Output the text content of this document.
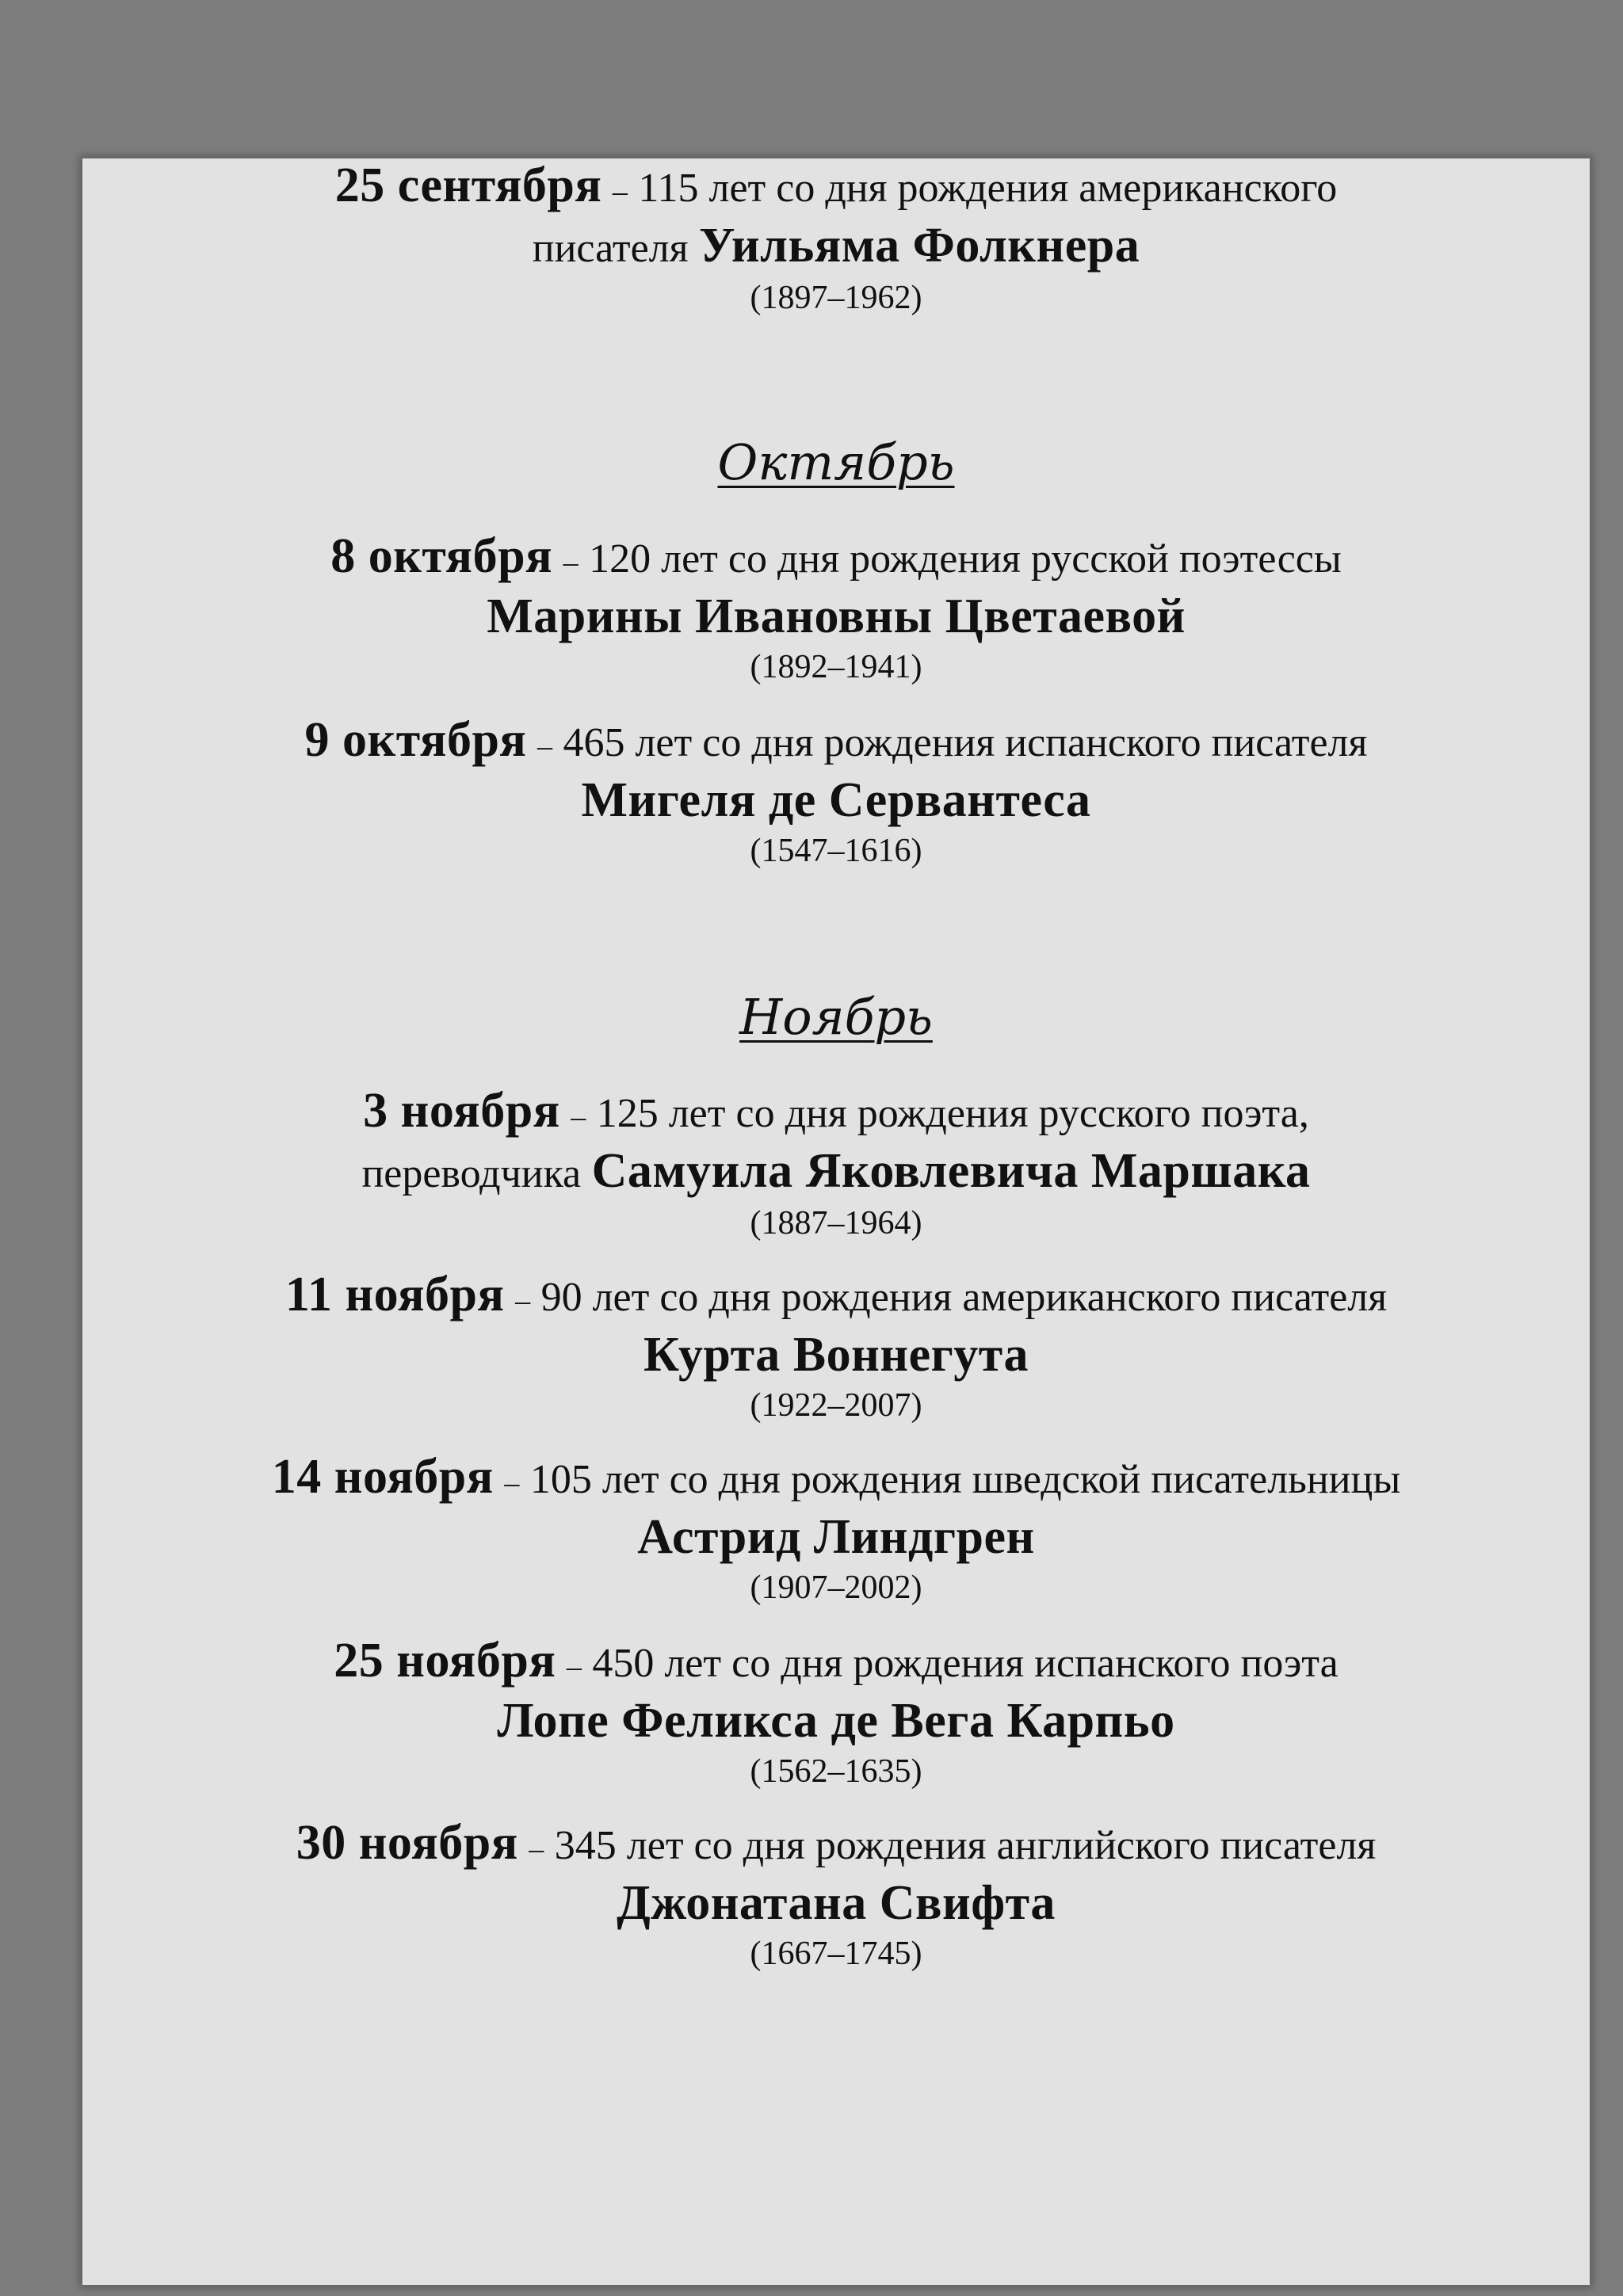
25 сентября – 115 лет со дня рождения американского
писателя Уильяма Фолкнера
(1897–1962)
Октябрь
8 октября – 120 лет со дня рождения русской поэтессы
Марины Ивановны Цветаевой
(1892–1941)
9 октября – 465 лет со дня рождения испанского писателя
Мигеля де Сервантеса
(1547–1616)
Ноябрь
3 ноября – 125 лет со дня рождения русского поэта,
переводчика Самуила Яковлевича Маршака
(1887–1964)
11 ноября – 90 лет со дня рождения американского писателя
Курта Воннегута
(1922–2007)
14 ноября – 105 лет со дня рождения шведской писательницы
Астрид Линдгрен
(1907–2002)
25 ноября – 450 лет со дня рождения испанского поэта
Лопе Феликса де Вега Карпьо
(1562–1635)
30 ноября – 345 лет со дня рождения английского писателя
Джонатана Свифта
(1667–1745)
